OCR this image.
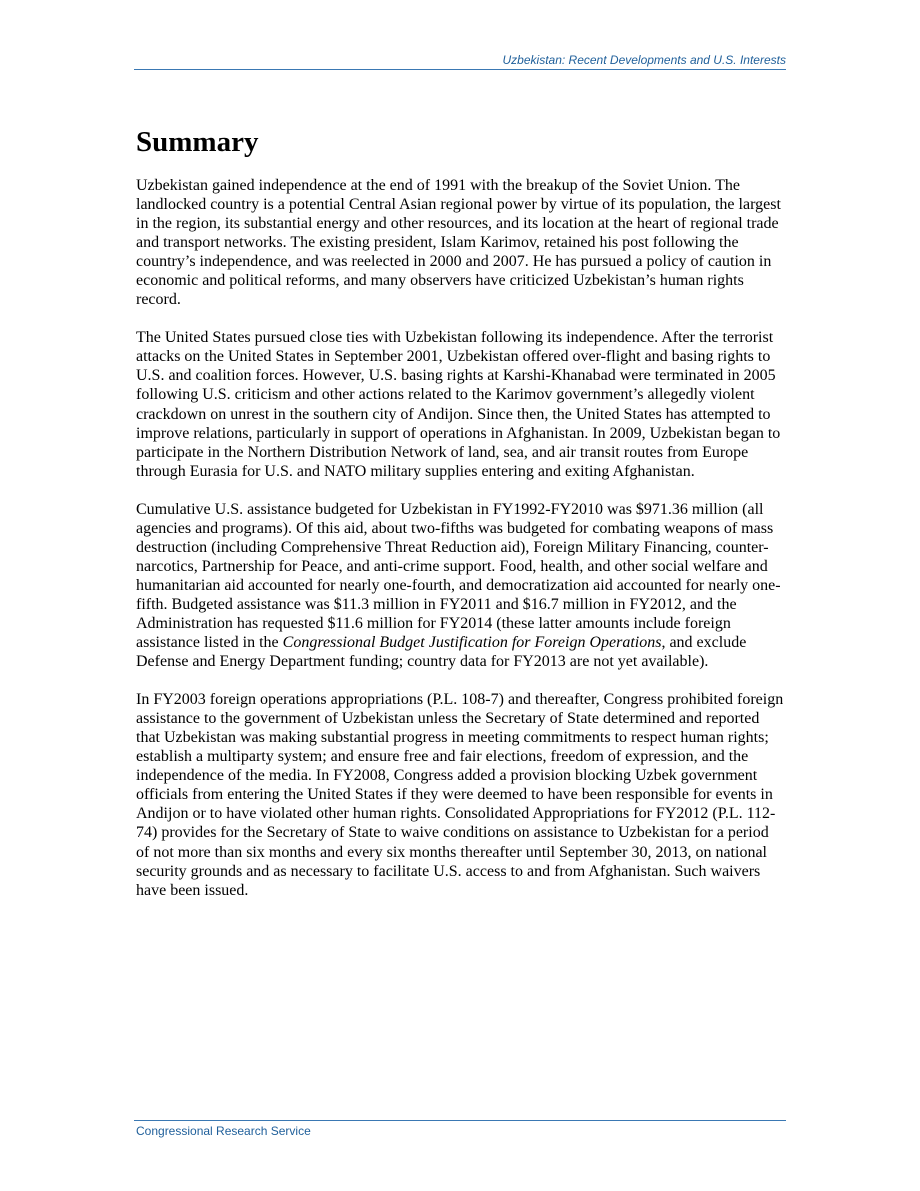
Uzbekistan: Recent Developments and U.S. Interests
Summary

Uzbekistan gained independence at the end of 1991 with the breakup of the Soviet Union. The landlocked country is a potential Central Asian regional power by virtue of its population, the largest in the region, its substantial energy and other resources, and its location at the heart of regional trade and transport networks. The existing president, Islam Karimov, retained his post following the country’s independence, and was reelected in 2000 and 2007. He has pursued a policy of caution in economic and political reforms, and many observers have criticized Uzbekistan’s human rights record.

The United States pursued close ties with Uzbekistan following its independence. After the terrorist attacks on the United States in September 2001, Uzbekistan offered over-flight and basing rights to U.S. and coalition forces. However, U.S. basing rights at Karshi-Khanabad were terminated in 2005 following U.S. criticism and other actions related to the Karimov government’s allegedly violent crackdown on unrest in the southern city of Andijon. Since then, the United States has attempted to improve relations, particularly in support of operations in Afghanistan. In 2009, Uzbekistan began to participate in the Northern Distribution Network of land, sea, and air transit routes from Europe through Eurasia for U.S. and NATO military supplies entering and exiting Afghanistan.

Cumulative U.S. assistance budgeted for Uzbekistan in FY1992-FY2010 was $971.36 million (all agencies and programs). Of this aid, about two-fifths was budgeted for combating weapons of mass destruction (including Comprehensive Threat Reduction aid), Foreign Military Financing, counter-narcotics, Partnership for Peace, and anti-crime support. Food, health, and other social welfare and humanitarian aid accounted for nearly one-fourth, and democratization aid accounted for nearly one-fifth. Budgeted assistance was $11.3 million in FY2011 and $16.7 million in FY2012, and the Administration has requested $11.6 million for FY2014 (these latter amounts include foreign assistance listed in the Congressional Budget Justification for Foreign Operations, and exclude Defense and Energy Department funding; country data for FY2013 are not yet available).

In FY2003 foreign operations appropriations (P.L. 108-7) and thereafter, Congress prohibited foreign assistance to the government of Uzbekistan unless the Secretary of State determined and reported that Uzbekistan was making substantial progress in meeting commitments to respect human rights; establish a multiparty system; and ensure free and fair elections, freedom of expression, and the independence of the media. In FY2008, Congress added a provision blocking Uzbek government officials from entering the United States if they were deemed to have been responsible for events in Andijon or to have violated other human rights. Consolidated Appropriations for FY2012 (P.L. 112-74) provides for the Secretary of State to waive conditions on assistance to Uzbekistan for a period of not more than six months and every six months thereafter until September 30, 2013, on national security grounds and as necessary to facilitate U.S. access to and from Afghanistan. Such waivers have been issued.

Congressional Research Service
